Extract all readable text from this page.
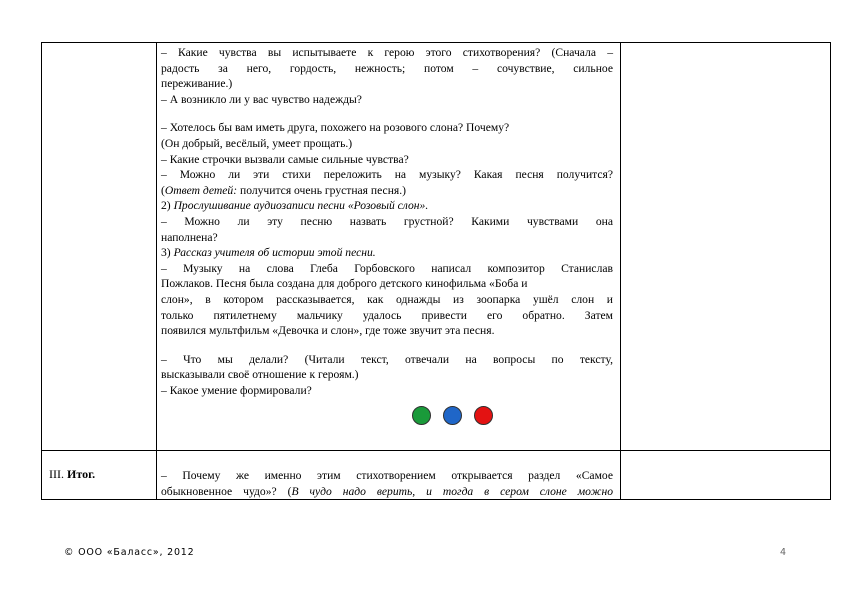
– Какие чувства вы испытываете к герою этого стихотворения? (Сначала –

радость за него, гордость, нежность; потом – сочувствие, сильное

переживание.)

– А возникло ли у вас чувство надежды?

– Хотелось бы вам иметь друга, похожего на розового слона? Почему?

(Он добрый, весёлый, умеет прощать.)

– Какие строчки вызвали самые сильные чувства?

– Можно ли эти стихи переложить на музыку? Какая песня получится?

(Ответ детей: получится очень грустная песня.)

2) Прослушивание аудиозаписи песни «Розовый слон».

– Можно ли эту песню назвать грустной? Какими чувствами она

наполнена?

3) Рассказ учителя об истории этой песни.

– Музыку на слова Глеба Горбовского написал композитор Станислав

Пожлаков. Песня была создана для доброго детского кинофильма «Боба и

слон», в котором рассказывается, как однажды из зоопарка ушёл слон и

только пятилетнему мальчику удалось привести его обратно. Затем

появился мультфильм «Девочка и слон», где тоже звучит эта песня.

– Что мы делали? (Читали текст, отвечали на вопросы по тексту,

высказывали своё отношение к героям.)

– Какое умение формировали?

III. Итог.	– Почему же именно этим стихотворением открывается раздел «Самое

обыкновенное чудо»? (В чудо надо верить, и тогда в сером слоне можно

© ООО «Баласс», 2012	4
